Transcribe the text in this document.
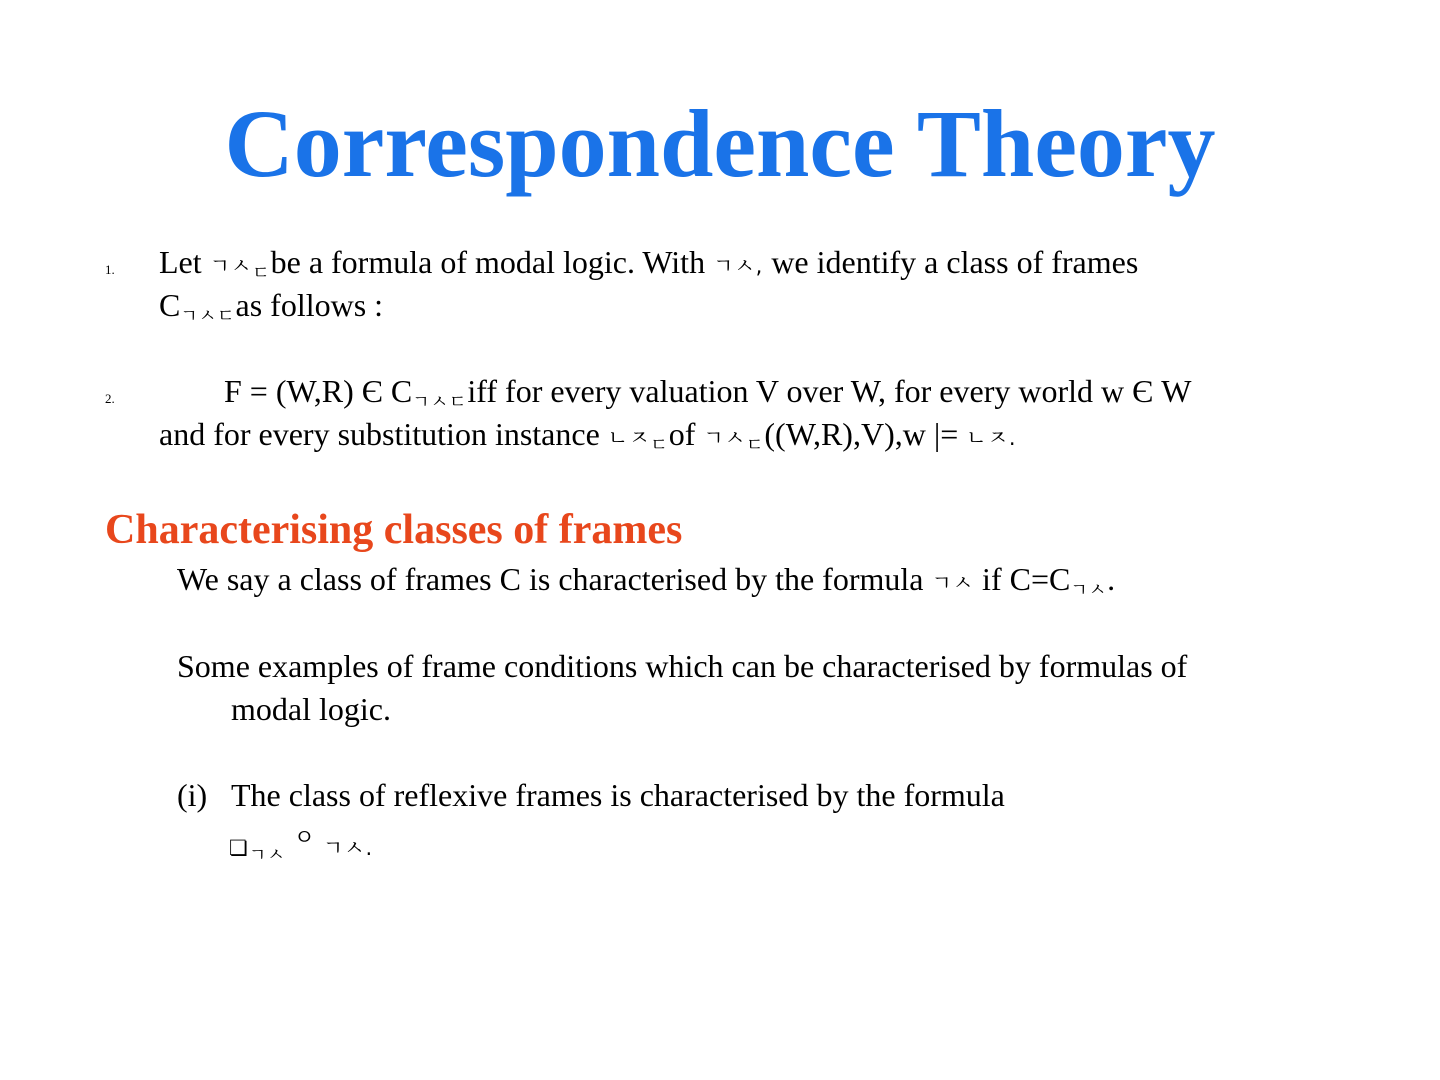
Correspondence Theory
1. Let ㄱㅅㄷbe a formula of modal logic. With ㄱㅅ, we identify a class of frames
Cㄱㅅㄷas follows :
2.	F = (W,R) Є Cㄱㅅㄷiff for every valuation V over W, for every world w Є W
and for every substitution instance ㄴㅈㄷof ㄱㅅㄷ((W,R),V),w |= ㄴㅈ.
Characterising classes of frames
We say a class of frames C is characterised by the formula ㄱㅅ if C=Cㄱㅅ.
Some examples of frame conditions which can be characterised by formulas of
modal logic.
(i) The class of reflexive frames is characterised by the formula
❏ㄱㅅ $^ㅇ$ ㄱㅅ.
